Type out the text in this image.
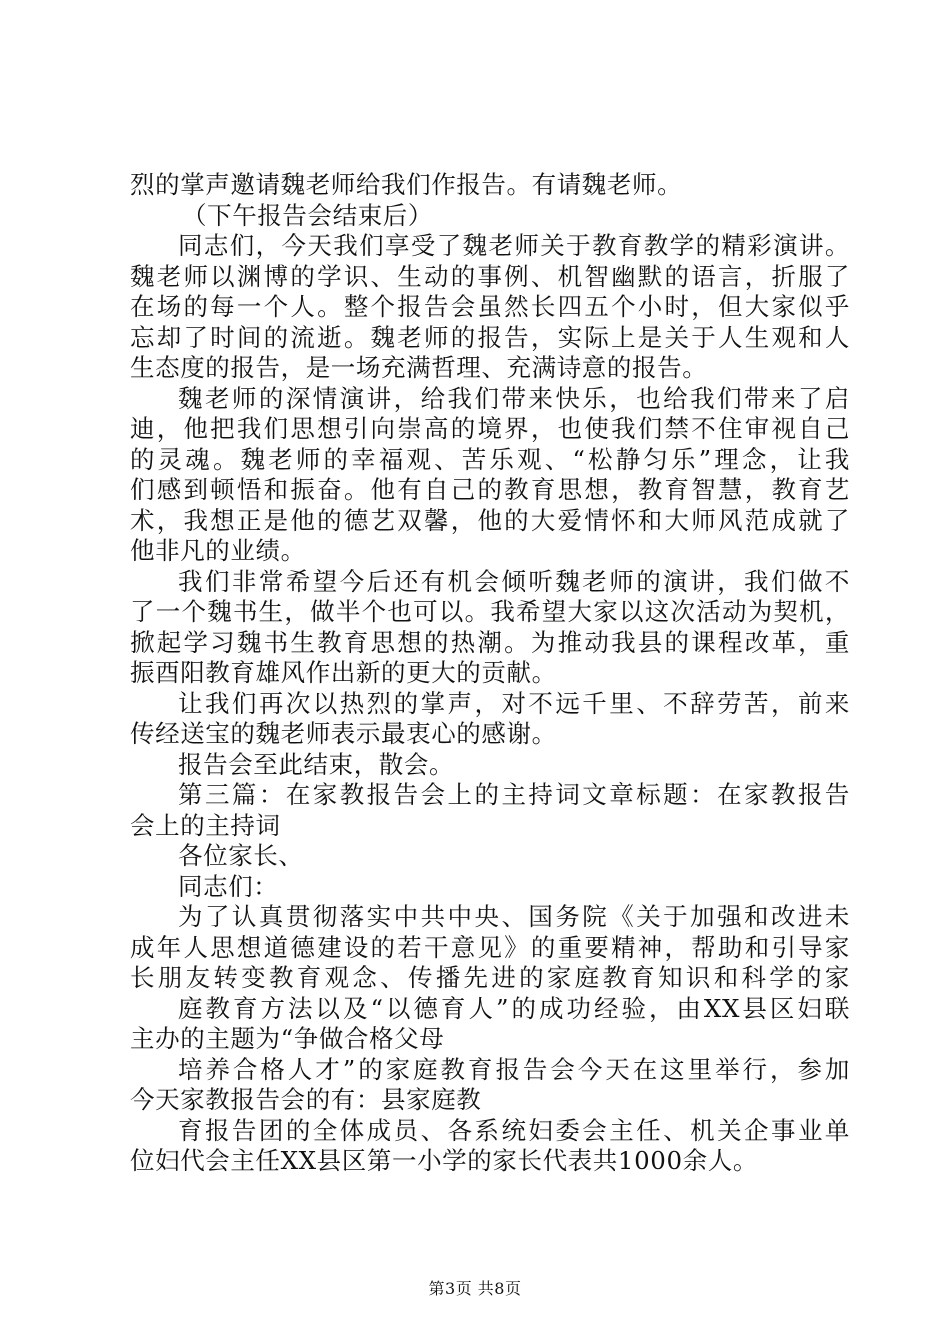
烈的掌声邀请魏老师给我们作报告。有请魏老师。
（下午报告会结束后）
同志们，今天我们享受了魏老师关于教育教学的精彩演讲。
魏老师以渊博的学识、生动的事例、机智幽默的语言，折服了
在场的每一个人。整个报告会虽然长四五个小时，但大家似乎
忘却了时间的流逝。魏老师的报告，实际上是关于人生观和人
生态度的报告，是一场充满哲理、充满诗意的报告。
魏老师的深情演讲，给我们带来快乐，也给我们带来了启
迪，他把我们思想引向崇高的境界，也使我们禁不住审视自己
的灵魂。魏老师的幸福观、苦乐观、“松静匀乐”理念，让我
们感到顿悟和振奋。他有自己的教育思想，教育智慧，教育艺
术，我想正是他的德艺双馨，他的大爱情怀和大师风范成就了
他非凡的业绩。
我们非常希望今后还有机会倾听魏老师的演讲，我们做不
了一个魏书生，做半个也可以。我希望大家以这次活动为契机，
掀起学习魏书生教育思想的热潮。为推动我县的课程改革，重
振酉阳教育雄风作出新的更大的贡献。
让我们再次以热烈的掌声，对不远千里、不辞劳苦，前来
传经送宝的魏老师表示最衷心的感谢。
报告会至此结束，散会。
第三篇：在家教报告会上的主持词文章标题：在家教报告
会上的主持词
各位家长、
同志们：
为了认真贯彻落实中共中央、国务院《关于加强和改进未
成年人思想道德建设的若干意见》的重要精神，帮助和引导家
长朋友转变教育观念、传播先进的家庭教育知识和科学的家
庭教育方法以及“以德育人”的成功经验，由XX县区妇联
主办的主题为“争做合格父母
培养合格人才”的家庭教育报告会今天在这里举行，参加
今天家教报告会的有：县家庭教
育报告团的全体成员、各系统妇委会主任、机关企事业单
位妇代会主任XX县区第一小学的家长代表共1000余人。
第3页 共8页
